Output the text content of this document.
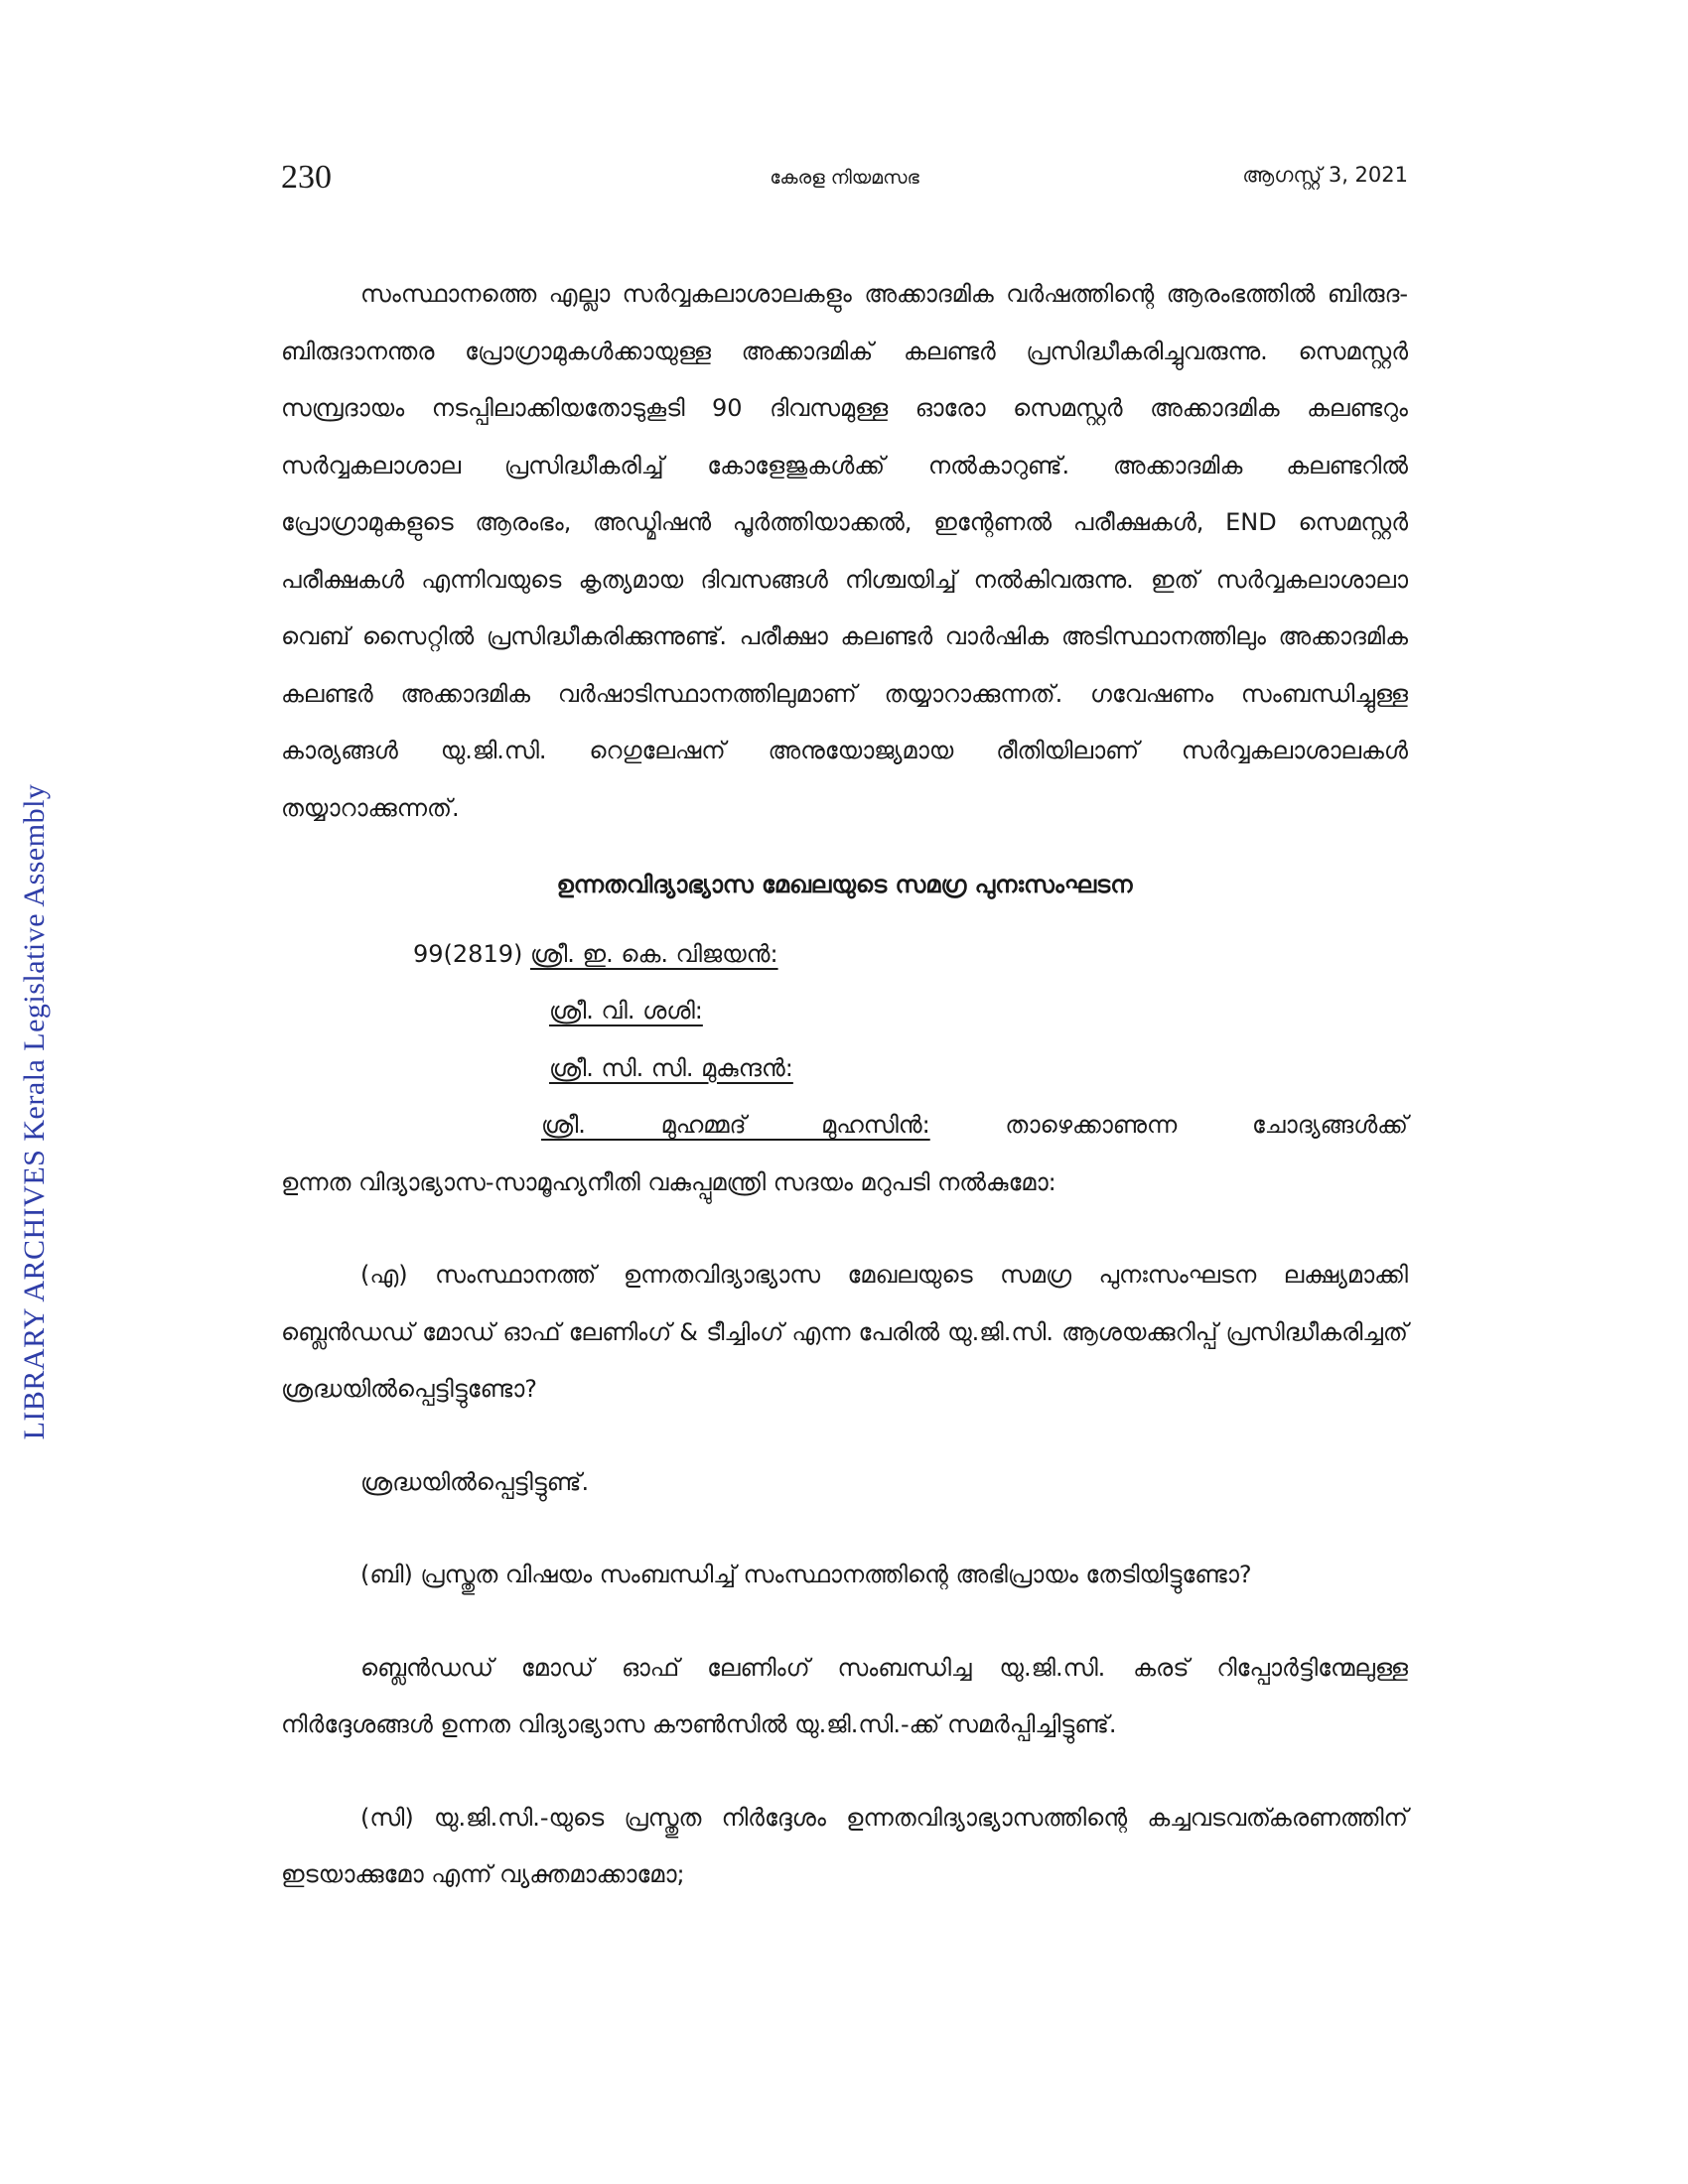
LIBRARY ARCHIVES Kerala Legislative Assembly
230	കേരള നിയമസഭ	ആഗസ്റ്റ് 3, 2021

സംസ്ഥാനത്തെ എല്ലാ സർവ്വകലാശാലകളും അക്കാദമിക വർഷത്തിന്റെ ആരംഭത്തിൽ ബിരുദ-ബിരുദാനന്തര പ്രോഗ്രാമുകൾക്കായുള്ള അക്കാദമിക് കലണ്ടർ പ്രസിദ്ധീകരിച്ചുവരുന്നു. സെമസ്റ്റർ സമ്പ്രദായം നടപ്പിലാക്കിയതോടുകൂടി 90 ദിവസമുള്ള ഓരോ സെമസ്റ്റർ അക്കാദമിക കലണ്ടറും സർവ്വകലാശാല പ്രസിദ്ധീകരിച്ച് കോളേജുകൾക്ക് നൽകാറുണ്ട്. അക്കാദമിക കലണ്ടറിൽ പ്രോഗ്രാമുകളുടെ ആരംഭം, അഡ്മിഷൻ പൂർത്തിയാക്കൽ, ഇന്റേണൽ പരീക്ഷകൾ, END സെമസ്റ്റർ പരീക്ഷകൾ എന്നിവയുടെ കൃത്യമായ ദിവസങ്ങൾ നിശ്ചയിച്ച് നൽകിവരുന്നു. ഇത് സർവ്വകലാശാലാ വെബ് സൈറ്റിൽ പ്രസിദ്ധീകരിക്കുന്നുണ്ട്. പരീക്ഷാ കലണ്ടർ വാർഷിക അടിസ്ഥാനത്തിലും അക്കാദമിക കലണ്ടർ അക്കാദമിക വർഷാടിസ്ഥാനത്തിലുമാണ് തയ്യാറാക്കുന്നത്. ഗവേഷണം സംബന്ധിച്ചുള്ള കാര്യങ്ങൾ യു.ജി.സി. റെഗുലേഷന് അനുയോജ്യമായ രീതിയിലാണ് സർവ്വകലാശാലകൾ തയ്യാറാക്കുന്നത്.

ഉന്നതവിദ്യാഭ്യാസ മേഖലയുടെ സമഗ്ര പുനഃസംഘടന

99(2819) ശ്രീ. ഇ. കെ. വിജയൻ:
ശ്രീ. വി. ശശി:
ശ്രീ. സി. സി. മുകുന്ദൻ:
ശ്രീ. മുഹമ്മദ് മുഹസിൻ:	താഴെക്കാണുന്ന ചോദ്യങ്ങൾക്ക്
ഉന്നത വിദ്യാഭ്യാസ-സാമൂഹ്യനീതി വകുപ്പുമന്ത്രി സദയം മറുപടി നൽകുമോ:

(എ) സംസ്ഥാനത്ത് ഉന്നതവിദ്യാഭ്യാസ മേഖലയുടെ സമഗ്ര പുനഃസംഘടന ലക്ഷ്യമാക്കി ബ്ലെൻഡഡ് മോഡ് ഓഫ് ലേണിംഗ് & ടീച്ചിംഗ് എന്ന പേരിൽ യു.ജി.സി. ആശയക്കുറിപ്പ് പ്രസിദ്ധീകരിച്ചത് ശ്രദ്ധയിൽപ്പെട്ടിട്ടുണ്ടോ?

ശ്രദ്ധയിൽപ്പെട്ടിട്ടുണ്ട്.

(ബി) പ്രസ്തുത വിഷയം സംബന്ധിച്ച് സംസ്ഥാനത്തിന്റെ അഭിപ്രായം തേടിയിട്ടുണ്ടോ?

ബ്ലെൻഡഡ് മോഡ് ഓഫ് ലേണിംഗ് സംബന്ധിച്ച യു.ജി.സി. കരട് റിപ്പോർട്ടിന്മേലുള്ള നിർദ്ദേശങ്ങൾ ഉന്നത വിദ്യാഭ്യാസ കൗൺസിൽ യു.ജി.സി.-ക്ക് സമർപ്പിച്ചിട്ടുണ്ട്.

(സി) യു.ജി.സി.-യുടെ പ്രസ്തുത നിർദ്ദേശം ഉന്നതവിദ്യാഭ്യാസത്തിന്റെ കച്ചവടവത്കരണത്തിന് ഇടയാക്കുമോ എന്ന് വ്യക്തമാക്കാമോ;
